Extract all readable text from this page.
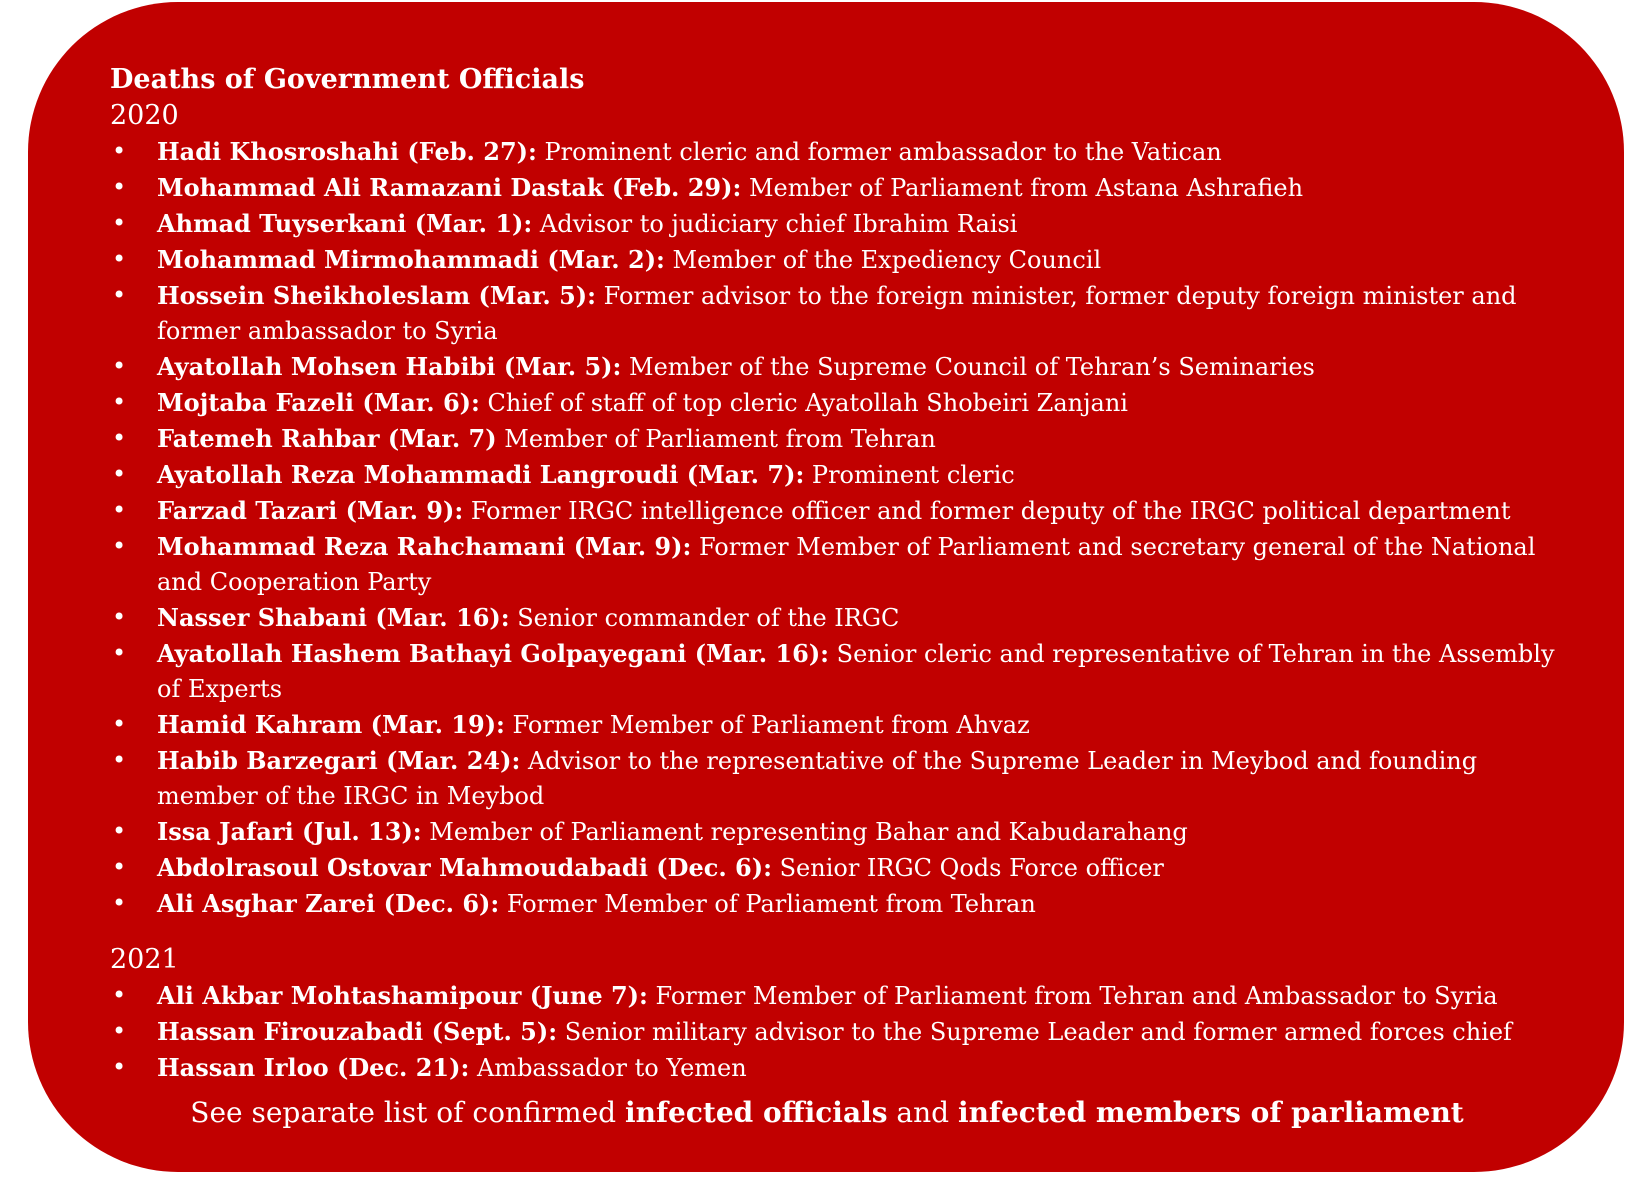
Deaths of Government Officials
2020
• Hadi Khosroshahi (Feb. 27): Prominent cleric and former ambassador to the Vatican
• Mohammad Ali Ramazani Dastak (Feb. 29): Member of Parliament from Astana Ashrafieh
• Ahmad Tuyserkani (Mar. 1): Advisor to judiciary chief Ibrahim Raisi
• Mohammad Mirmohammadi (Mar. 2): Member of the Expediency Council
• Hossein Sheikholeslam (Mar. 5): Former advisor to the foreign minister, former deputy foreign minister and former ambassador to Syria
• Ayatollah Mohsen Habibi (Mar. 5): Member of the Supreme Council of Tehran’s Seminaries
• Mojtaba Fazeli (Mar. 6): Chief of staff of top cleric Ayatollah Shobeiri Zanjani
• Fatemeh Rahbar (Mar. 7) Member of Parliament from Tehran
• Ayatollah Reza Mohammadi Langroudi (Mar. 7): Prominent cleric
• Farzad Tazari (Mar. 9): Former IRGC intelligence officer and former deputy of the IRGC political department
• Mohammad Reza Rahchamani (Mar. 9): Former Member of Parliament and secretary general of the National and Cooperation Party
• Nasser Shabani (Mar. 16): Senior commander of the IRGC
• Ayatollah Hashem Bathayi Golpayegani (Mar. 16): Senior cleric and representative of Tehran in the Assembly of Experts
• Hamid Kahram (Mar. 19): Former Member of Parliament from Ahvaz
• Habib Barzegari (Mar. 24): Advisor to the representative of the Supreme Leader in Meybod and founding member of the IRGC in Meybod
• Issa Jafari (Jul. 13): Member of Parliament representing Bahar and Kabudarahang
• Abdolrasoul Ostovar Mahmoudabadi (Dec. 6): Senior IRGC Qods Force officer
• Ali Asghar Zarei (Dec. 6): Former Member of Parliament from Tehran
2021
• Ali Akbar Mohtashamipour (June 7): Former Member of Parliament from Tehran and Ambassador to Syria
• Hassan Firouzabadi (Sept. 5): Senior military advisor to the Supreme Leader and former armed forces chief
• Hassan Irloo (Dec. 21): Ambassador to Yemen
See separate list of confirmed infected officials and infected members of parliament
